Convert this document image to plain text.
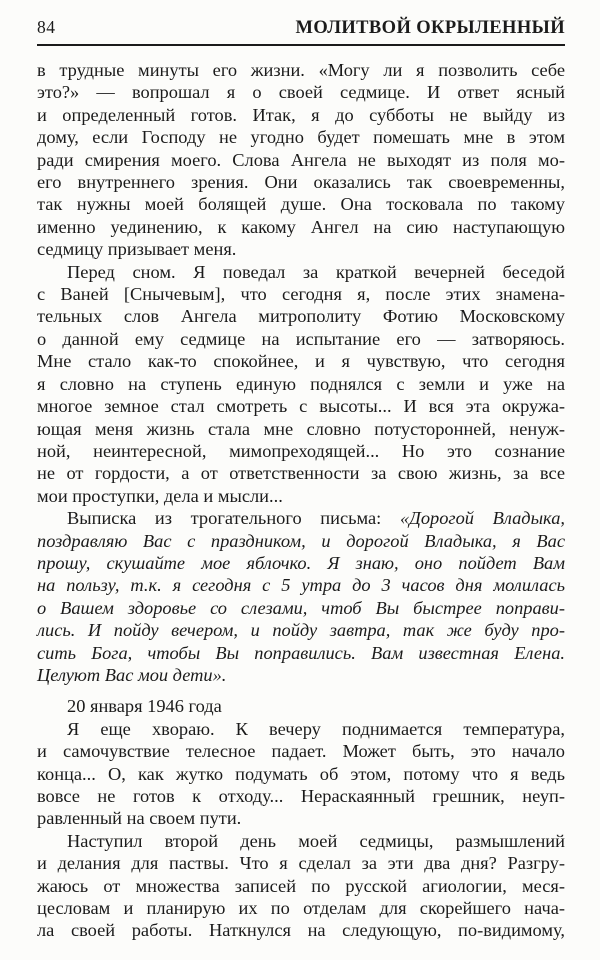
84	МОЛИТВОЙ ОКРЫЛЕННЫЙ
в трудные минуты его жизни. «Могу ли я позволить себе
это?» — вопрошал я о своей седмице. И ответ ясный
и определенный готов. Итак, я до субботы не выйду из
дому, если Господу не угодно будет помешать мне в этом
ради смирения моего. Слова Ангела не выходят из поля мо-
его внутреннего зрения. Они оказались так своевременны,
так нужны моей болящей душе. Она тосковала по такому
именно уединению, к какому Ангел на сию наступающую
седмицу призывает меня.
Перед сном. Я поведал за краткой вечерней беседой
с Ваней [Снычевым], что сегодня я, после этих знамена-
тельных слов Ангела митрополиту Фотию Московскому
о данной ему седмице на испытание его — затворяюсь.
Мне стало как-то спокойнее, и я чувствую, что сегодня
я словно на ступень единую поднялся с земли и уже на
многое земное стал смотреть с высоты... И вся эта окружа-
ющая меня жизнь стала мне словно потусторонней, ненуж-
ной, неинтересной, мимопреходящей... Но это сознание
не от гордости, а от ответственности за свою жизнь, за все
мои проступки, дела и мысли...
Выписка из трогательного письма: «Дорогой Владыка,
поздравляю Вас с праздником, и дорогой Владыка, я Вас
прошу, скушайте мое яблочко. Я знаю, оно пойдет Вам
на пользу, т.к. я сегодня с 5 утра до 3 часов дня молилась
о Вашем здоровье со слезами, чтоб Вы быстрее поправи-
лись. И пойду вечером, и пойду завтра, так же буду про-
сить Бога, чтобы Вы поправились. Вам известная Елена.
Целуют Вас мои дети».
20 января 1946 года
Я еще хвораю. К вечеру поднимается температура,
и самочувствие телесное падает. Может быть, это начало
конца... О, как жутко подумать об этом, потому что я ведь
вовсе не готов к отходу... Нераскаянный грешник, неуп-
равленный на своем пути.
Наступил второй день моей седмицы, размышлений
и делания для паствы. Что я сделал за эти два дня? Разгру-
жаюсь от множества записей по русской агиологии, меся-
цесловам и планирую их по отделам для скорейшего нача-
ла своей работы. Наткнулся на следующую, по-видимому,
